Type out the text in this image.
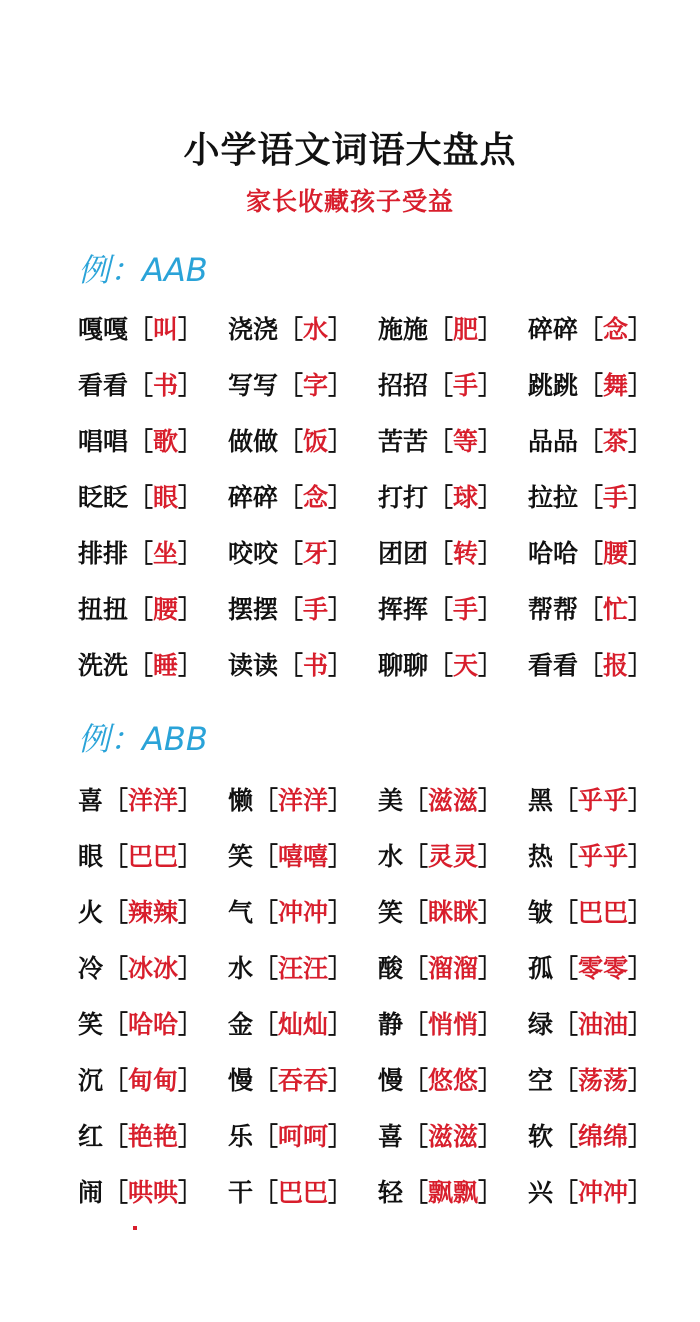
小学语文词语大盘点
家长收藏孩子受益
例：AAB
嘎嘎［叫］ 浇浇［水］ 施施［肥］ 碎碎［念］
看看［书］ 写写［字］ 招招［手］ 跳跳［舞］
唱唱［歌］ 做做［饭］ 苦苦［等］ 品品［茶］
眨眨［眼］ 碎碎［念］ 打打［球］ 拉拉［手］
排排［坐］ 咬咬［牙］ 团团［转］ 哈哈［腰］
扭扭［腰］ 摆摆［手］ 挥挥［手］ 帮帮［忙］
洗洗［睡］ 读读［书］ 聊聊［天］ 看看［报］
例：ABB
喜［洋洋］ 懒［洋洋］ 美［滋滋］ 黑［乎乎］
眼［巴巴］ 笑［嘻嘻］ 水［灵灵］ 热［乎乎］
火［辣辣］ 气［冲冲］ 笑［眯眯］ 皱［巴巴］
冷［冰冰］ 水［汪汪］ 酸［溜溜］ 孤［零零］
笑［哈哈］ 金［灿灿］ 静［悄悄］ 绿［油油］
沉［甸甸］ 慢［吞吞］ 慢［悠悠］ 空［荡荡］
红［艳艳］ 乐［呵呵］ 喜［滋滋］ 软［绵绵］
闹［哄哄］ 干［巴巴］ 轻［飘飘］ 兴［冲冲］
